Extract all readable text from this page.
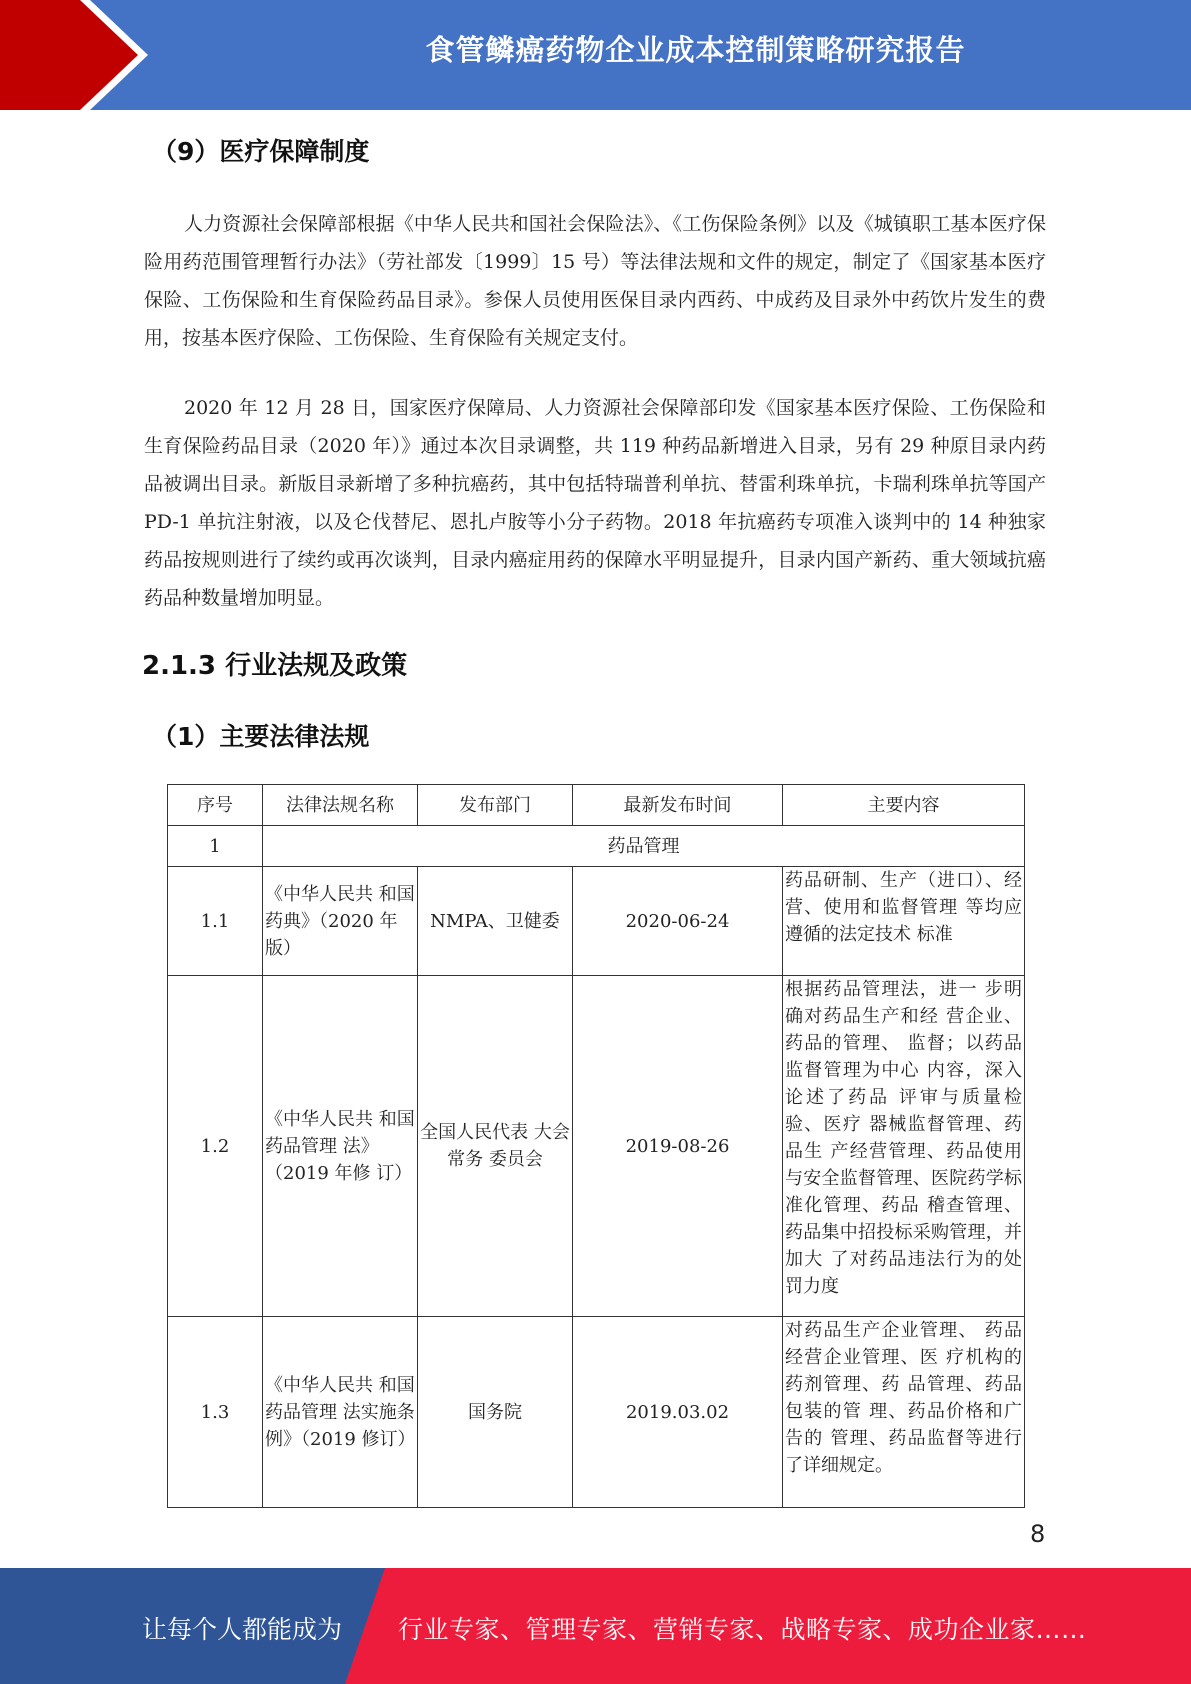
食管鳞癌药物企业成本控制策略研究报告
（9）医疗保障制度

人力资源社会保障部根据《中华人民共和国社会保险法》、《工伤保险条例》以及《城镇职工基本医疗保险用药范围管理暂行办法》（劳社部发〔1999〕15 号）等法律法规和文件的规定，制定了《国家基本医疗保险、工伤保险和生育保险药品目录》。参保人员使用医保目录内西药、中成药及目录外中药饮片发生的费用，按基本医疗保险、工伤保险、生育保险有关规定支付。

2020 年 12 月 28 日，国家医疗保障局、人力资源社会保障部印发《国家基本医疗保险、工伤保险和生育保险药品目录（2020 年）》通过本次目录调整，共 119 种药品新增进入目录，另有 29 种原目录内药品被调出目录。新版目录新增了多种抗癌药，其中包括特瑞普利单抗、替雷利珠单抗，卡瑞利珠单抗等国产 PD-1 单抗注射液，以及仑伐替尼、恩扎卢胺等小分子药物。2018 年抗癌药专项准入谈判中的 14 种独家药品按规则进行了续约或再次谈判，目录内癌症用药的保障水平明显提升，目录内国产新药、重大领域抗癌药品种数量增加明显。

2.1.3 行业法规及政策
（1）主要法律法规
序号	法律法规名称	发布部门	最新发布时间	主要内容
1	药品管理			
1.1	《中华人民共 和国药典》（2020 年版）	NMPA、卫健委	2020-06-24	药品研制、生产（进口）、经营、使用和监督管理 等均应遵循的法定技术 标准
1.2	《中华人民共 和国药品管理 法》（2019 年修 订）	全国人民代表 大会常务 委员会	2019-08-26	根据药品管理法，进一 步明确对药品生产和经 营企业、药品的管理、 监督；以药品监督管理为中心 内容，深入论述了药品 评审与质量检验、医疗 器械监督管理、药品生 产经营管理、药品使用 与安全监督管理、医院药学标准化管理、药品 稽查管理、药品集中招投标采购管理，并加大 了对药品违法行为的处 罚力度

1.3	《中华人民共 和国药品管理 法实施条例》（2019 修订）	国务院	2019.03.02	对药品生产企业管理、 药品经营企业管理、医 疗机构的药剂管理、药 品管理、药品包装的管 理、药品价格和广告的 管理、药品监督等进行 了详细规定。
8
让每个人都能成为 行业专家、管理专家、营销专家、战略专家、成功企业家……
